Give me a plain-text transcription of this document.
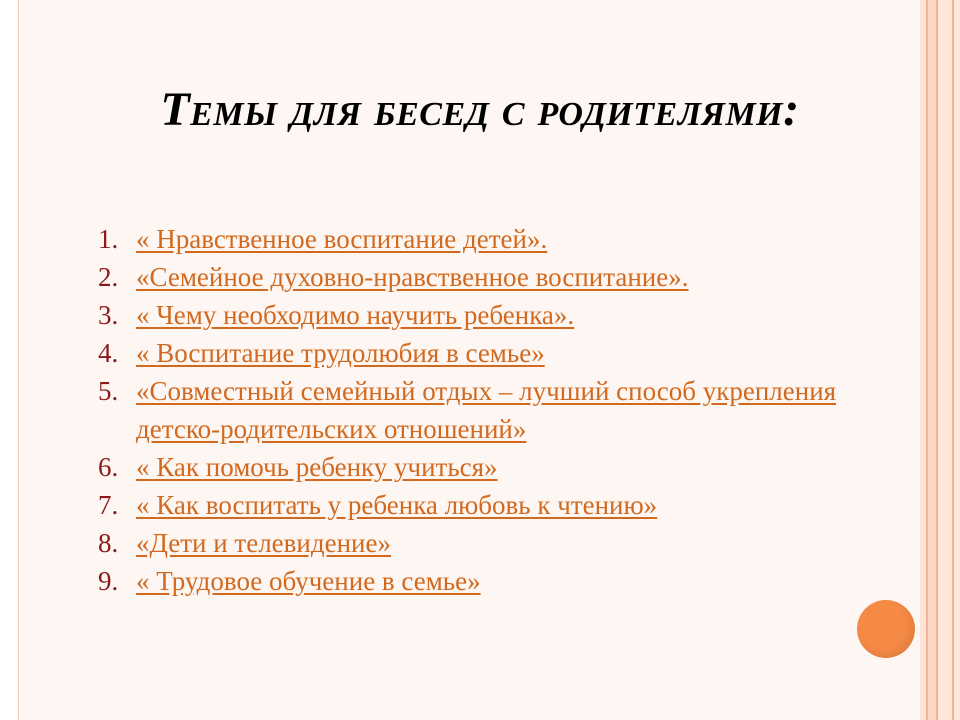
Темы для бесед с родителями:
1. « Нравственное воспитание детей».
2. «Семейное духовно-нравственное воспитание».
3. « Чему необходимо научить ребенка».
4. « Воспитание трудолюбия в семье»
5. «Совместный семейный отдых – лучший способ укрепления детско-родительских отношений»
6. « Как помочь ребенку учиться»
7. « Как воспитать у ребенка любовь к чтению»
8. «Дети и телевидение»
9. « Трудовое обучение в семье»
